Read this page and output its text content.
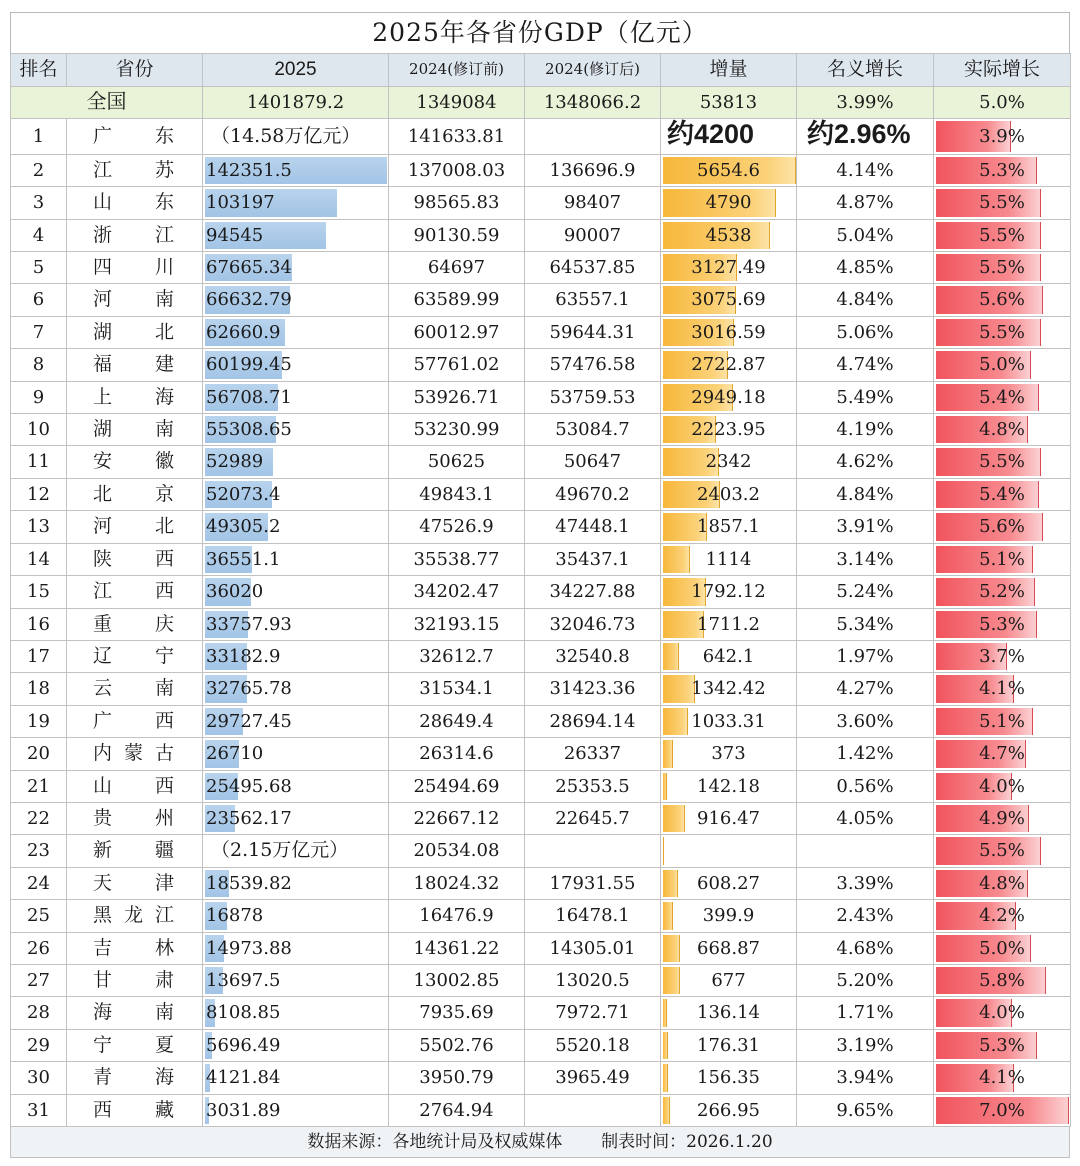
2025年各省份GDP（亿元）
排名	省份	2025	2024(修订前)	2024(修订后)	增量	名义增长	实际增长
全国		1401879.2	1349084	1348066.2	53813	3.99%	5.0%
1	广东	（14.58万亿元）	141633.81		约4200	约2.96%	3.9%
2	江苏	142351.5	137008.03	136696.9	5654.6	4.14%	5.3%
3	山东	103197	98565.83	98407	4790	4.87%	5.5%
4	浙江	94545	90130.59	90007	4538	5.04%	5.5%
5	四川	67665.34	64697	64537.85	3127.49	4.85%	5.5%
6	河南	66632.79	63589.99	63557.1	3075.69	4.84%	5.6%
7	湖北	62660.9	60012.97	59644.31	3016.59	5.06%	5.5%
8	福建	60199.45	57761.02	57476.58	2722.87	4.74%	5.0%
9	上海	56708.71	53926.71	53759.53	2949.18	5.49%	5.4%
10	湖南	55308.65	53230.99	53084.7	2223.95	4.19%	4.8%
11	安徽	52989	50625	50647	2342	4.62%	5.5%
12	北京	52073.4	49843.1	49670.2	2403.2	4.84%	5.4%
13	河北	49305.2	47526.9	47448.1	1857.1	3.91%	5.6%
14	陕西	36551.1	35538.77	35437.1	1114	3.14%	5.1%
15	江西	36020	34202.47	34227.88	1792.12	5.24%	5.2%
16	重庆	33757.93	32193.15	32046.73	1711.2	5.34%	5.3%
17	辽宁	33182.9	32612.7	32540.8	642.1	1.97%	3.7%
18	云南	32765.78	31534.1	31423.36	1342.42	4.27%	4.1%
19	广西	29727.45	28649.4	28694.14	1033.31	3.60%	5.1%
20	内蒙古	26710	26314.6	26337	373	1.42%	4.7%
21	山西	25495.68	25494.69	25353.5	142.18	0.56%	4.0%
22	贵州	23562.17	22667.12	22645.7	916.47	4.05%	4.9%
23	新疆	（2.15万亿元）	20534.08				5.5%
24	天津	18539.82	18024.32	17931.55	608.27	3.39%	4.8%
25	黑龙江	16878	16476.9	16478.1	399.9	2.43%	4.2%
26	吉林	14973.88	14361.22	14305.01	668.87	4.68%	5.0%
27	甘肃	13697.5	13002.85	13020.5	677	5.20%	5.8%
28	海南	8108.85	7935.69	7972.71	136.14	1.71%	4.0%
29	宁夏	5696.49	5502.76	5520.18	176.31	3.19%	5.3%
30	青海	4121.84	3950.79	3965.49	156.35	3.94%	4.1%
31	西藏	3031.89	2764.94		266.95	9.65%	7.0%
数据来源：各地统计局及权威媒体 制表时间：2026.1.20
